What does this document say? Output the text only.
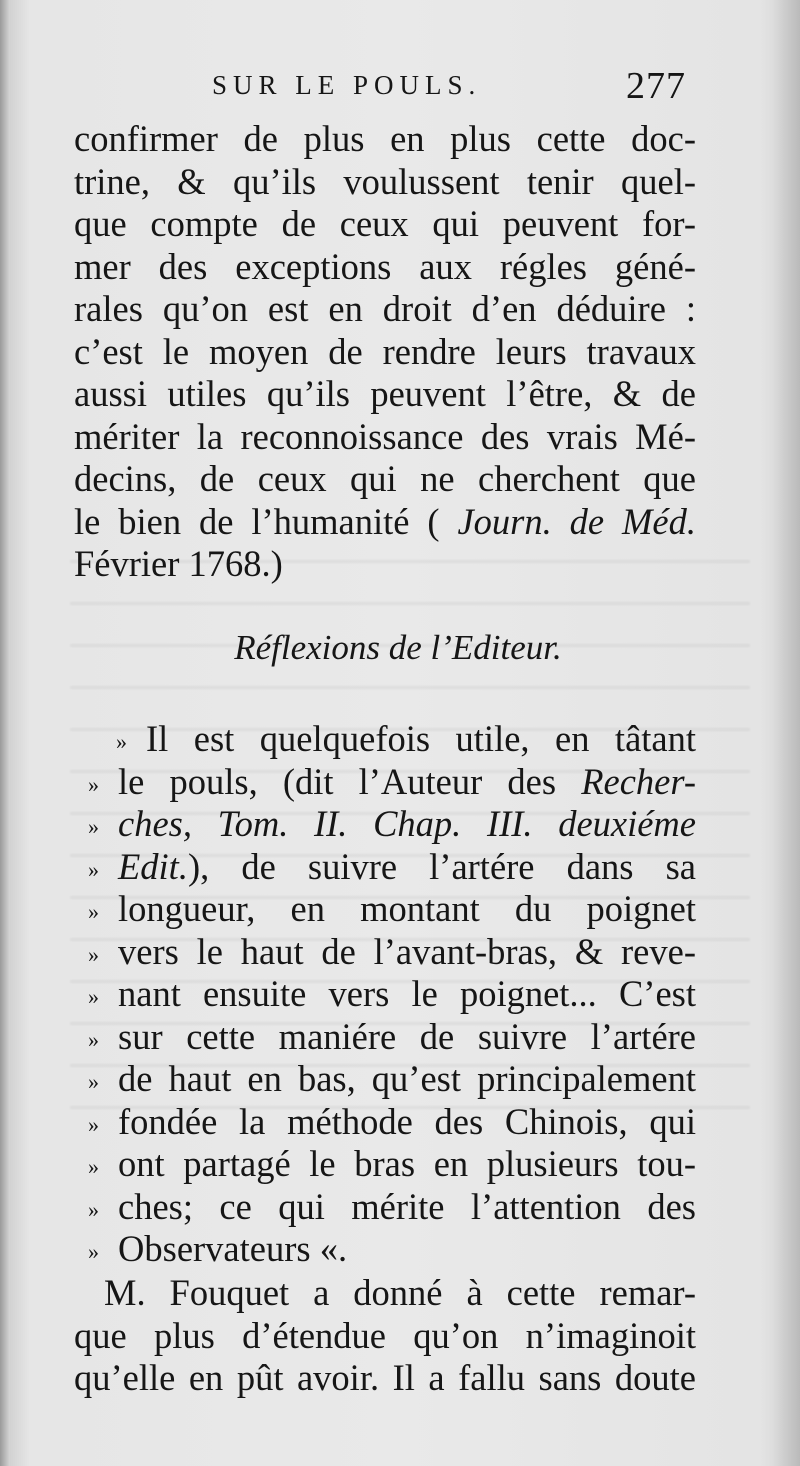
SUR LE POULS.	277
confirmer de plus en plus cette doc-
trine, & qu’ils voulussent tenir quel-
que compte de ceux qui peuvent for-
mer des exceptions aux régles géné-
rales qu’on est en droit d’en déduire :
c’est le moyen de rendre leurs travaux
aussi utiles qu’ils peuvent l’être, & de
mériter la reconnoissance des vrais Mé-
decins, de ceux qui ne cherchent que
le bien de l’humanité ( Journ. de Méd.
Février 1768.)
Réflexions de l’Editeur.
» Il est quelquefois utile, en tâtant
» le pouls, (dit l’Auteur des Recher-
» ches, Tom. II. Chap. III. deuxiéme
» Edit.), de suivre l’artére dans sa
» longueur, en montant du poignet
» vers le haut de l’avant-bras, & reve-
» nant ensuite vers le poignet... C’est
» sur cette maniére de suivre l’artére
» de haut en bas, qu’est principalement
» fondée la méthode des Chinois, qui
» ont partagé le bras en plusieurs tou-
» ches; ce qui mérite l’attention des
» Observateurs «.
M. Fouquet a donné à cette remar-
que plus d’étendue qu’on n’imaginoit
qu’elle en pût avoir. Il a fallu sans doute
